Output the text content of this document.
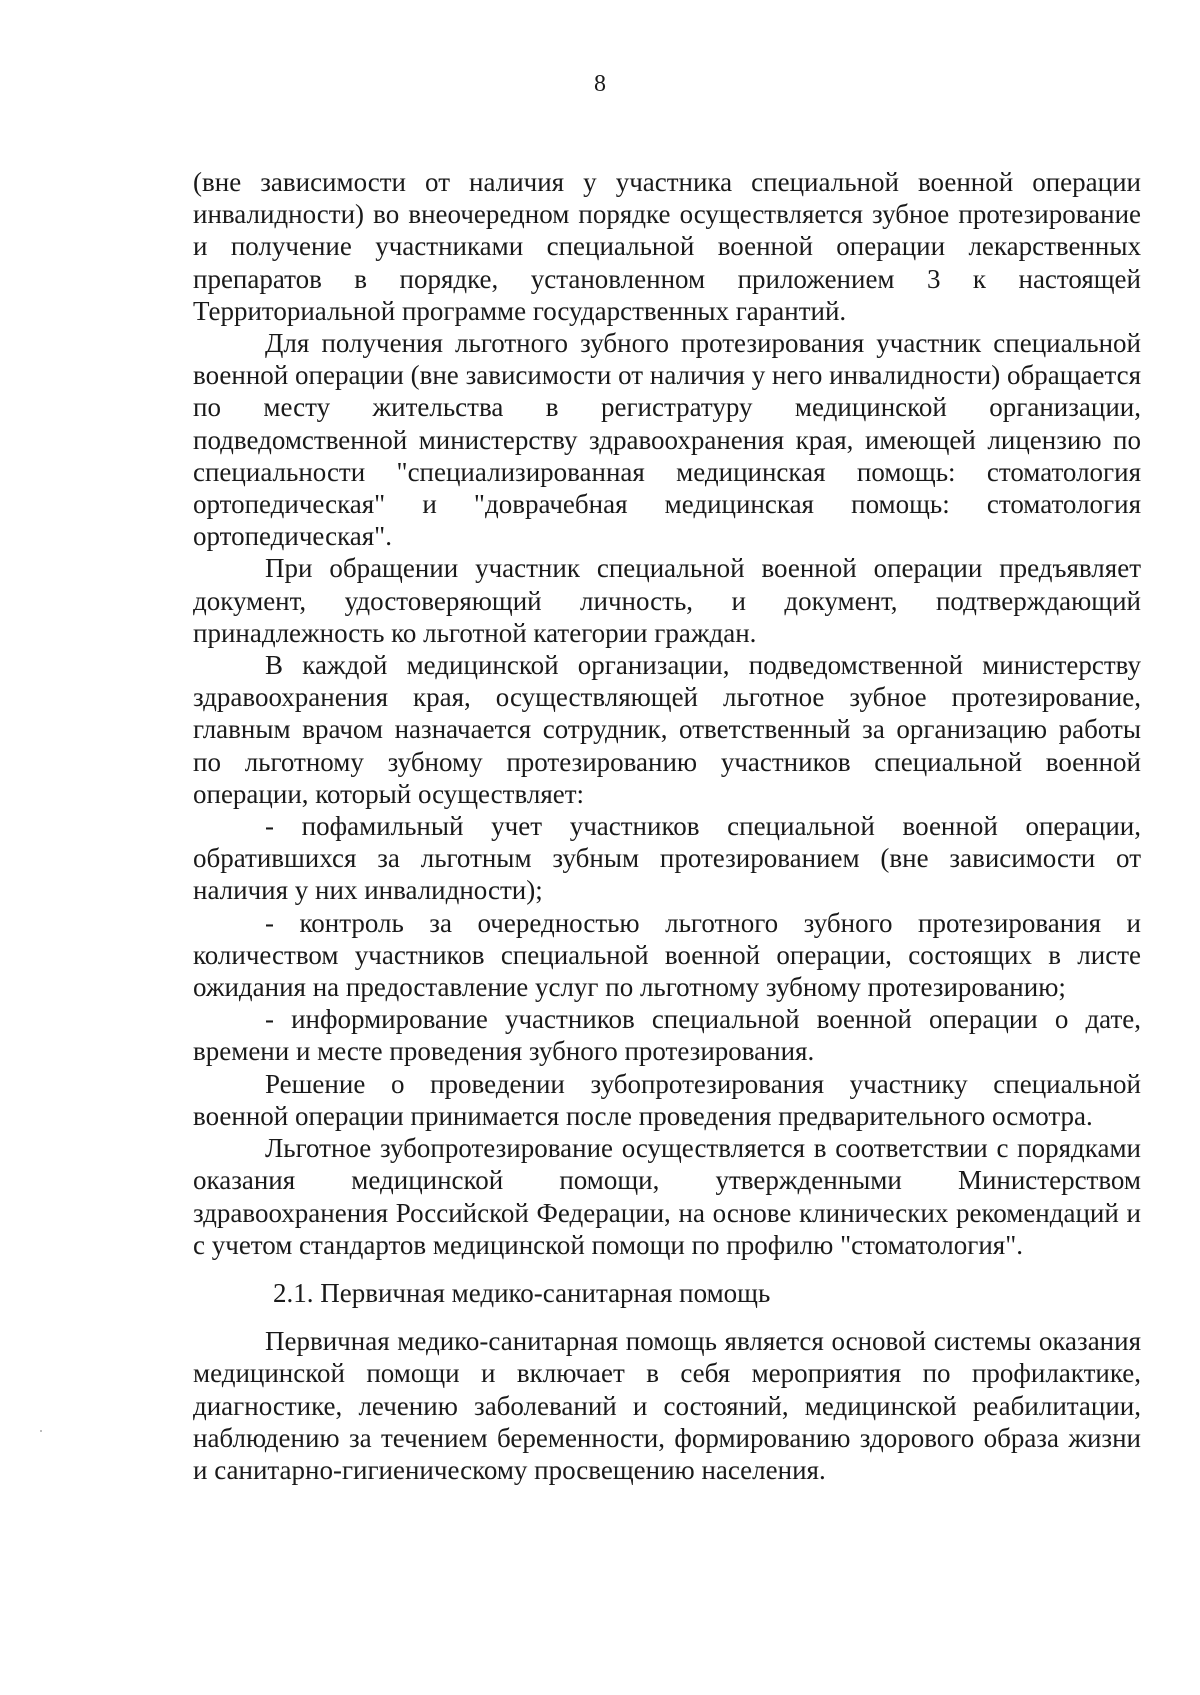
8

(вне зависимости от наличия у участника специальной военной операции инвалидности) во внеочередном порядке осуществляется зубное протезирование и получение участниками специальной военной операции лекарственных препаратов в порядке, установленном приложением 3 к настоящей Территориальной программе государственных гарантий.

Для получения льготного зубного протезирования участник специальной военной операции (вне зависимости от наличия у него инвалидности) обращается по месту жительства в регистратуру медицинской организации, подведомственной министерству здравоохранения края, имеющей лицензию по специальности "специализированная медицинская помощь: стоматология ортопедическая" и "доврачебная медицинская помощь: стоматология ортопедическая".

При обращении участник специальной военной операции предъявляет документ, удостоверяющий личность, и документ, подтверждающий принадлежность ко льготной категории граждан.

В каждой медицинской организации, подведомственной министерству здравоохранения края, осуществляющей льготное зубное протезирование, главным врачом назначается сотрудник, ответственный за организацию работы по льготному зубному протезированию участников специальной военной операции, который осуществляет:

- пофамильный учет участников специальной военной операции, обратившихся за льготным зубным протезированием (вне зависимости от наличия у них инвалидности);

- контроль за очередностью льготного зубного протезирования и количеством участников специальной военной операции, состоящих в листе ожидания на предоставление услуг по льготному зубному протезированию;

- информирование участников специальной военной операции о дате, времени и месте проведения зубного протезирования.

Решение о проведении зубопротезирования участнику специальной военной операции принимается после проведения предварительного осмотра.

Льготное зубопротезирование осуществляется в соответствии с порядками оказания медицинской помощи, утвержденными Министерством здравоохранения Российской Федерации, на основе клинических рекомендаций и с учетом стандартов медицинской помощи по профилю "стоматология".

2.1. Первичная медико-санитарная помощь

Первичная медико-санитарная помощь является основой системы оказания медицинской помощи и включает в себя мероприятия по профилактике, диагностике, лечению заболеваний и состояний, медицинской реабилитации, наблюдению за течением беременности, формированию здорового образа жизни и санитарно-гигиеническому просвещению населения.
